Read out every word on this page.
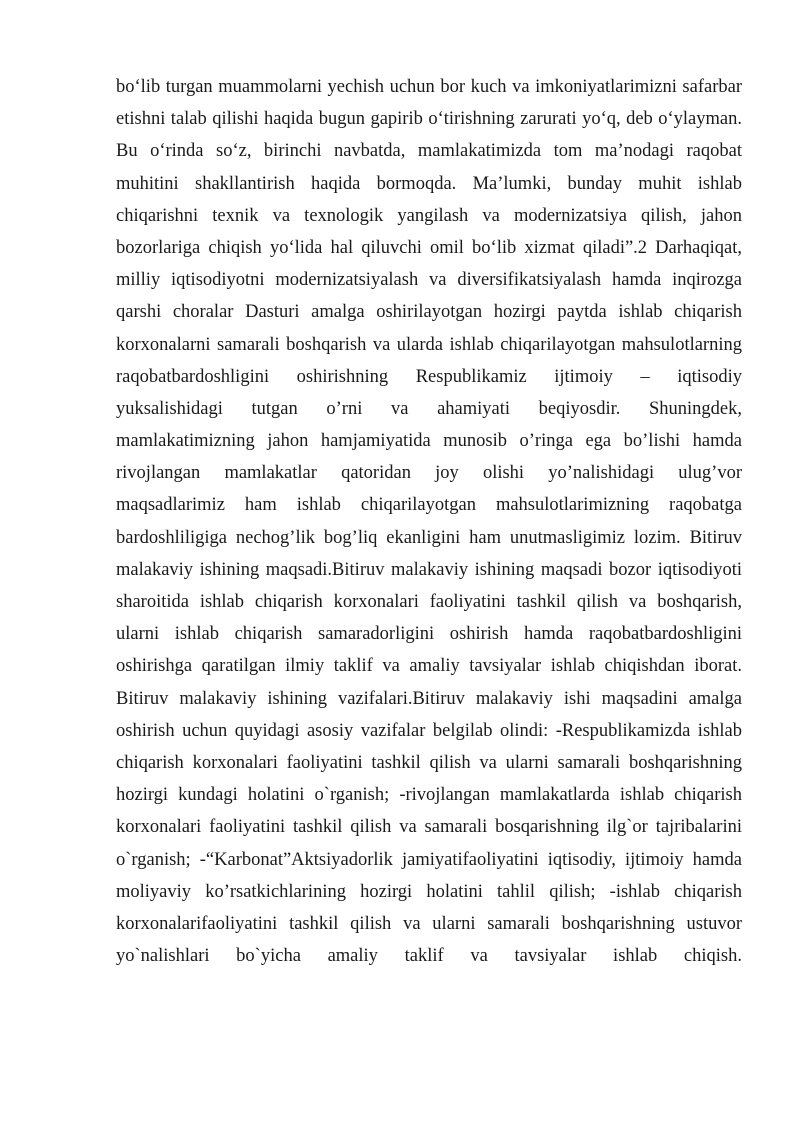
bo‘lib turgan muammolarni yechish uchun bor kuch va imkoniyatlarimizni safarbar
etishni talab qilishi haqida bugun gapirib o‘tirishning zarurati yo‘q, deb o‘ylayman.
Bu o‘rinda so‘z, birinchi navbatda, mamlakatimizda tom ma’nodagi raqobat
muhitini shakllantirish haqida bormoqda. Ma’lumki, bunday muhit ishlab
chiqarishni texnik va texnologik yangilash va modernizatsiya qilish, jahon
bozorlariga chiqish yo‘lida hal qiluvchi omil bo‘lib xizmat qiladi”.2 Darhaqiqat,
milliy iqtisodiyotni modernizatsiyalash va diversifikatsiyalash hamda inqirozga
qarshi choralar Dasturi amalga oshirilayotgan hozirgi paytda ishlab chiqarish
korxonalarni samarali boshqarish va ularda ishlab chiqarilayotgan mahsulotlarning
raqobatbardoshligini oshirishning Respublikamiz ijtimoiy – iqtisodiy
yuksalishidagi tutgan o’rni va ahamiyati beqiyosdir. Shuningdek,
mamlakatimizning jahon hamjamiyatida munosib o’ringa ega bo’lishi hamda
rivojlangan mamlakatlar qatoridan joy olishi yo’nalishidagi ulug’vor
maqsadlarimiz ham ishlab chiqarilayotgan mahsulotlarimizning raqobatga
bardoshliligiga nechog’lik bog’liq ekanligini ham unutmasligimiz lozim. Bitiruv
malakaviy ishining maqsadi.Bitiruv malakaviy ishining maqsadi bozor iqtisodiyoti
sharoitida ishlab chiqarish korxonalari faoliyatini tashkil qilish va boshqarish,
ularni ishlab chiqarish samaradorligini oshirish hamda raqobatbardoshligini
oshirishga qaratilgan ilmiy taklif va amaliy tavsiyalar ishlab chiqishdan iborat.
Bitiruv malakaviy ishining vazifalari.Bitiruv malakaviy ishi maqsadini amalga
oshirish uchun quyidagi asosiy vazifalar belgilab olindi: -Respublikamizda ishlab
chiqarish korxonalari faoliyatini tashkil qilish va ularni samarali boshqarishning
hozirgi kundagi holatini o`rganish; -rivojlangan mamlakatlarda ishlab chiqarish
korxonalari faoliyatini tashkil qilish va samarali bosqarishning ilg`or tajribalarini
o`rganish; -“Karbonat”Aktsiyadorlik jamiyatifaoliyatini iqtisodiy, ijtimoiy hamda
moliyaviy ko’rsatkichlarining hozirgi holatini tahlil qilish; -ishlab chiqarish
korxonalarifaoliyatini tashkil qilish va ularni samarali boshqarishning ustuvor
yo`nalishlari bo`yicha amaliy taklif va tavsiyalar ishlab chiqish.
